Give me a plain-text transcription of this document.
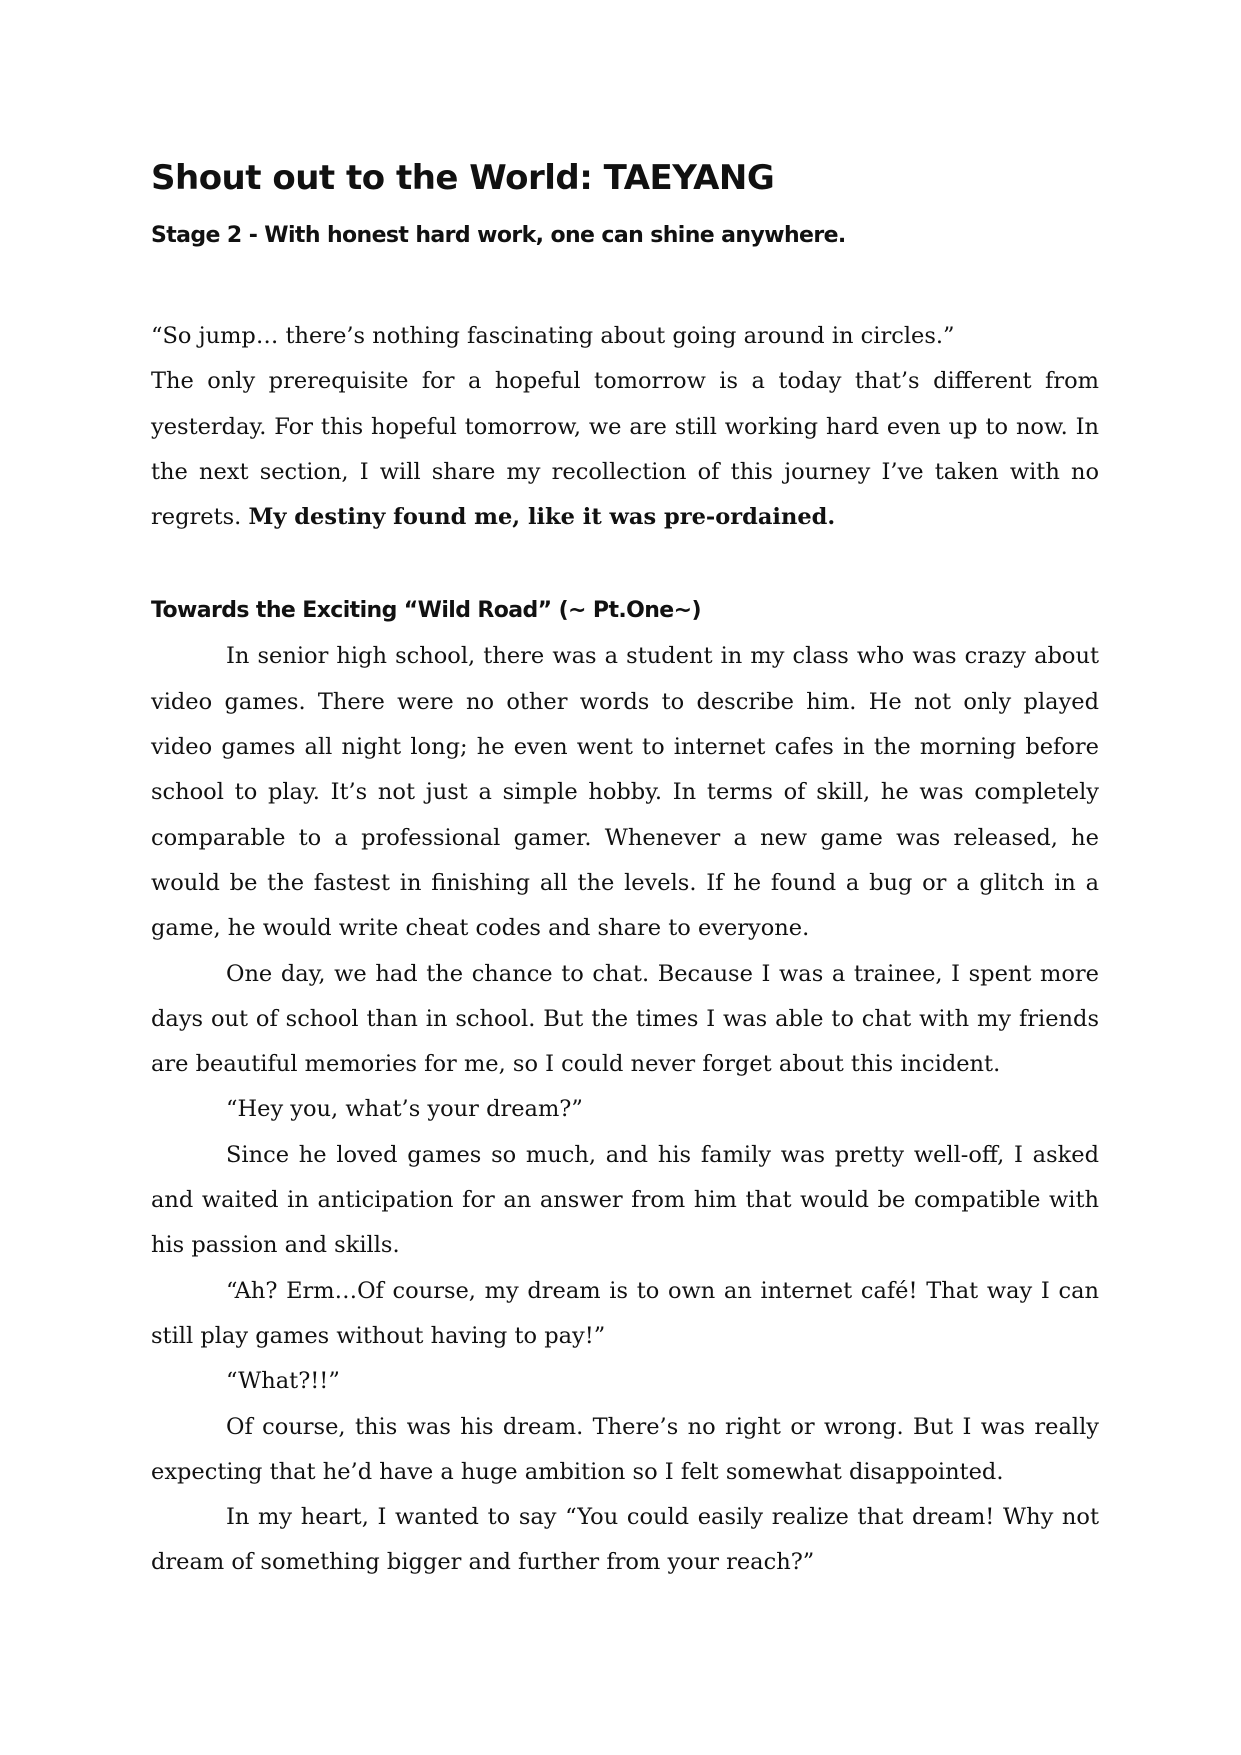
Shout out to the World: TAEYANG
Stage 2 - With honest hard work, one can shine anywhere.

“So jump… there’s nothing fascinating about going around in circles.”

The only prerequisite for a hopeful tomorrow is a today that’s different from yesterday. For this hopeful tomorrow, we are still working hard even up to now. In the next section, I will share my recollection of this journey I’ve taken with no regrets. My destiny found me, like it was pre-ordained.

Towards the Exciting “Wild Road” (~ Pt.One~)

In senior high school, there was a student in my class who was crazy about video games. There were no other words to describe him. He not only played video games all night long; he even went to internet cafes in the morning before school to play. It’s not just a simple hobby. In terms of skill, he was completely comparable to a professional gamer. Whenever a new game was released, he would be the fastest in finishing all the levels. If he found a bug or a glitch in a game, he would write cheat codes and share to everyone.

One day, we had the chance to chat. Because I was a trainee, I spent more days out of school than in school. But the times I was able to chat with my friends are beautiful memories for me, so I could never forget about this incident.

“Hey you, what’s your dream?”

Since he loved games so much, and his family was pretty well-off, I asked and waited in anticipation for an answer from him that would be compatible with his passion and skills.

“Ah? Erm…Of course, my dream is to own an internet café! That way I can still play games without having to pay!”

“What?!!”

Of course, this was his dream. There’s no right or wrong. But I was really expecting that he’d have a huge ambition so I felt somewhat disappointed.

In my heart, I wanted to say “You could easily realize that dream! Why not dream of something bigger and further from your reach?”
